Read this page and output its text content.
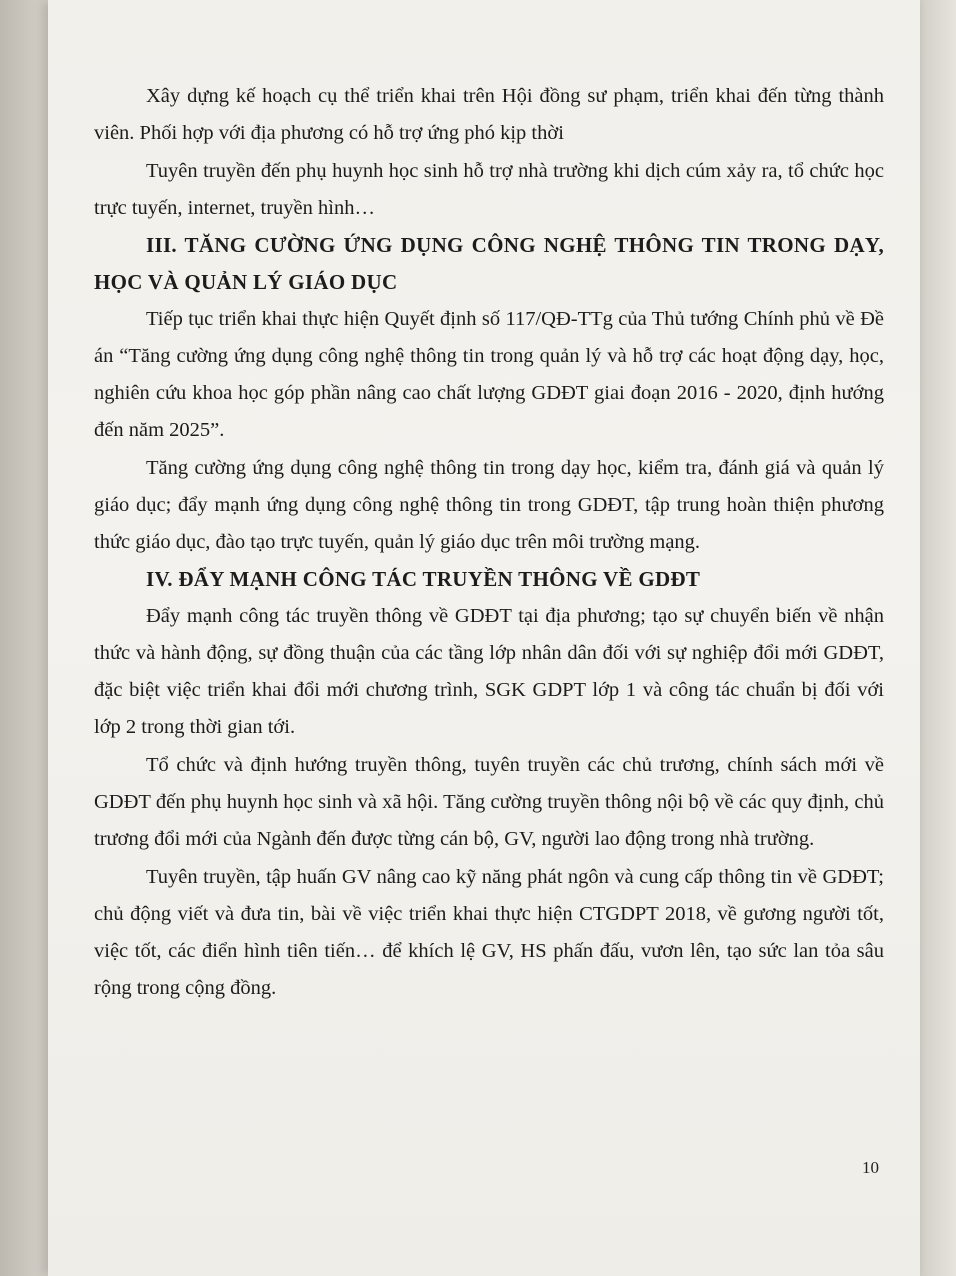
Xây dựng kế hoạch cụ thể triển khai trên Hội đồng sư phạm, triển khai đến từng thành viên. Phối hợp với địa phương có hỗ trợ ứng phó kịp thời

Tuyên truyền đến phụ huynh học sinh hỗ trợ nhà trường khi dịch cúm xảy ra, tổ chức học trực tuyến, internet, truyền hình…

III. TĂNG CƯỜNG ỨNG DỤNG CÔNG NGHỆ THÔNG TIN TRONG DẠY, HỌC VÀ QUẢN LÝ GIÁO DỤC

Tiếp tục triển khai thực hiện Quyết định số 117/QĐ-TTg của Thủ tướng Chính phủ về Đề án “Tăng cường ứng dụng công nghệ thông tin trong quản lý và hỗ trợ các hoạt động dạy, học, nghiên cứu khoa học góp phần nâng cao chất lượng GDĐT giai đoạn 2016 - 2020, định hướng đến năm 2025”.

Tăng cường ứng dụng công nghệ thông tin trong dạy học, kiểm tra, đánh giá và quản lý giáo dục; đẩy mạnh ứng dụng công nghệ thông tin trong GDĐT, tập trung hoàn thiện phương thức giáo dục, đào tạo trực tuyến, quản lý giáo dục trên môi trường mạng.

IV. ĐẨY MẠNH CÔNG TÁC TRUYỀN THÔNG VỀ GDĐT

Đẩy mạnh công tác truyền thông về GDĐT tại địa phương; tạo sự chuyển biến về nhận thức và hành động, sự đồng thuận của các tầng lớp nhân dân đối với sự nghiệp đổi mới GDĐT, đặc biệt việc triển khai đổi mới chương trình, SGK GDPT lớp 1 và công tác chuẩn bị đối với lớp 2 trong thời gian tới.

Tổ chức và định hướng truyền thông, tuyên truyền các chủ trương, chính sách mới về GDĐT đến phụ huynh học sinh và xã hội. Tăng cường truyền thông nội bộ về các quy định, chủ trương đổi mới của Ngành đến được từng cán bộ, GV, người lao động trong nhà trường.

Tuyên truyền, tập huấn GV nâng cao kỹ năng phát ngôn và cung cấp thông tin về GDĐT; chủ động viết và đưa tin, bài về việc triển khai thực hiện CTGDPT 2018, về gương người tốt, việc tốt, các điển hình tiên tiến… để khích lệ GV, HS phấn đấu, vươn lên, tạo sức lan tỏa sâu rộng trong cộng đồng.

10
